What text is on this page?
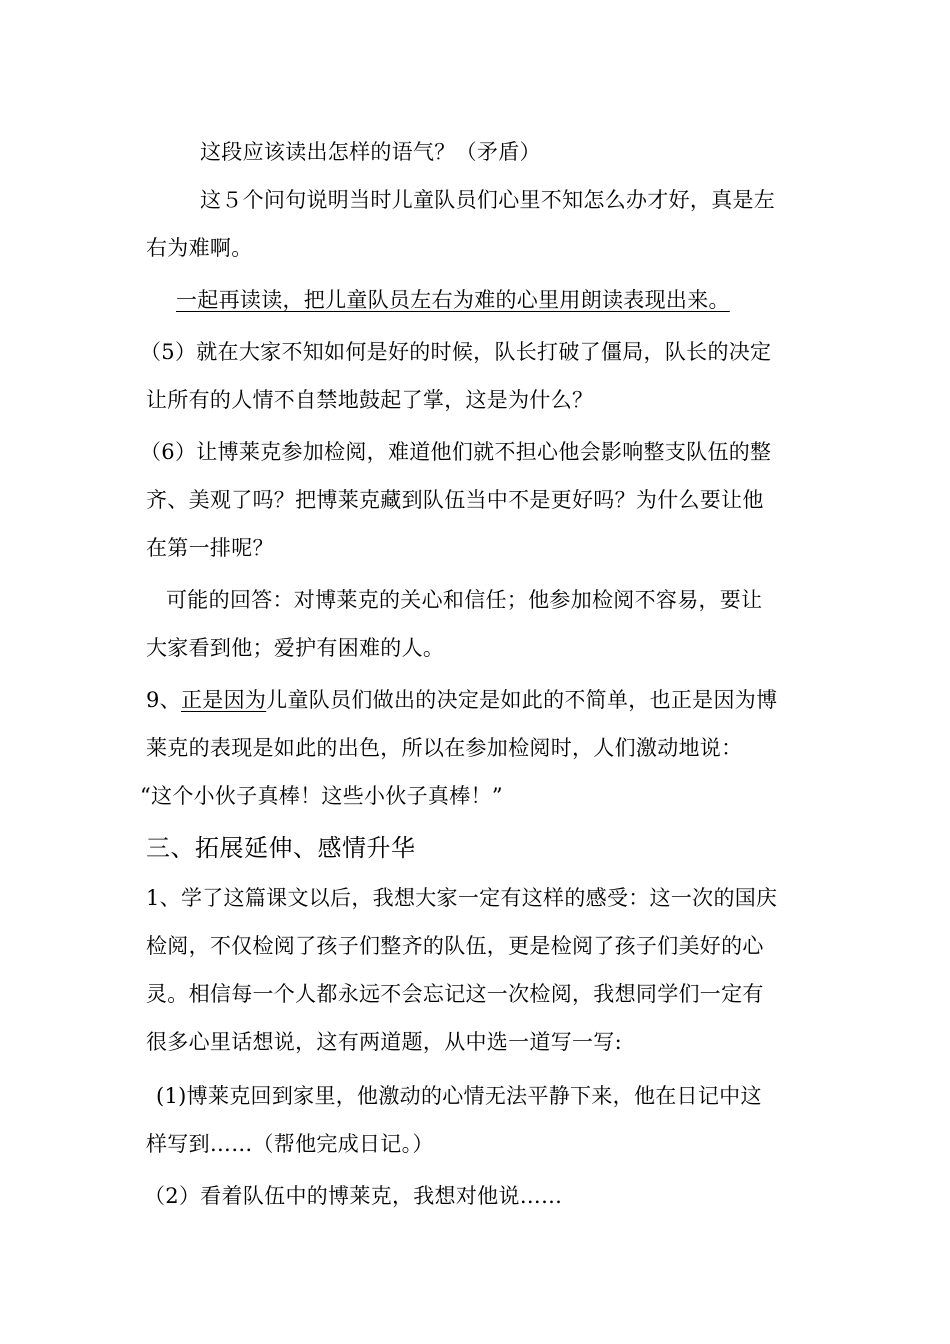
这段应该读出怎样的语气？（矛盾）
这５个问句说明当时儿童队员们心里不知怎么办才好，真是左
右为难啊。
一起再读读，把儿童队员左右为难的心里用朗读表现出来。
（5）就在大家不知如何是好的时候，队长打破了僵局，队长的决定
让所有的人情不自禁地鼓起了掌，这是为什么？
（6）让博莱克参加检阅，难道他们就不担心他会影响整支队伍的整
齐、美观了吗？把博莱克藏到队伍当中不是更好吗？为什么要让他
在第一排呢？
可能的回答：对博莱克的关心和信任；他参加检阅不容易，要让
大家看到他；爱护有困难的人。
9、正是因为儿童队员们做出的决定是如此的不简单，也正是因为博
莱克的表现是如此的出色，所以在参加检阅时，人们激动地说：
“这个小伙子真棒！这些小伙子真棒！”
三、拓展延伸、感情升华
1、学了这篇课文以后，我想大家一定有这样的感受：这一次的国庆
检阅，不仅检阅了孩子们整齐的队伍，更是检阅了孩子们美好的心
灵。相信每一个人都永远不会忘记这一次检阅，我想同学们一定有
很多心里话想说，这有两道题，从中选一道写一写:
(1)博莱克回到家里，他激动的心情无法平静下来，他在日记中这
样写到……（帮他完成日记。）
（2）看着队伍中的博莱克，我想对他说……
